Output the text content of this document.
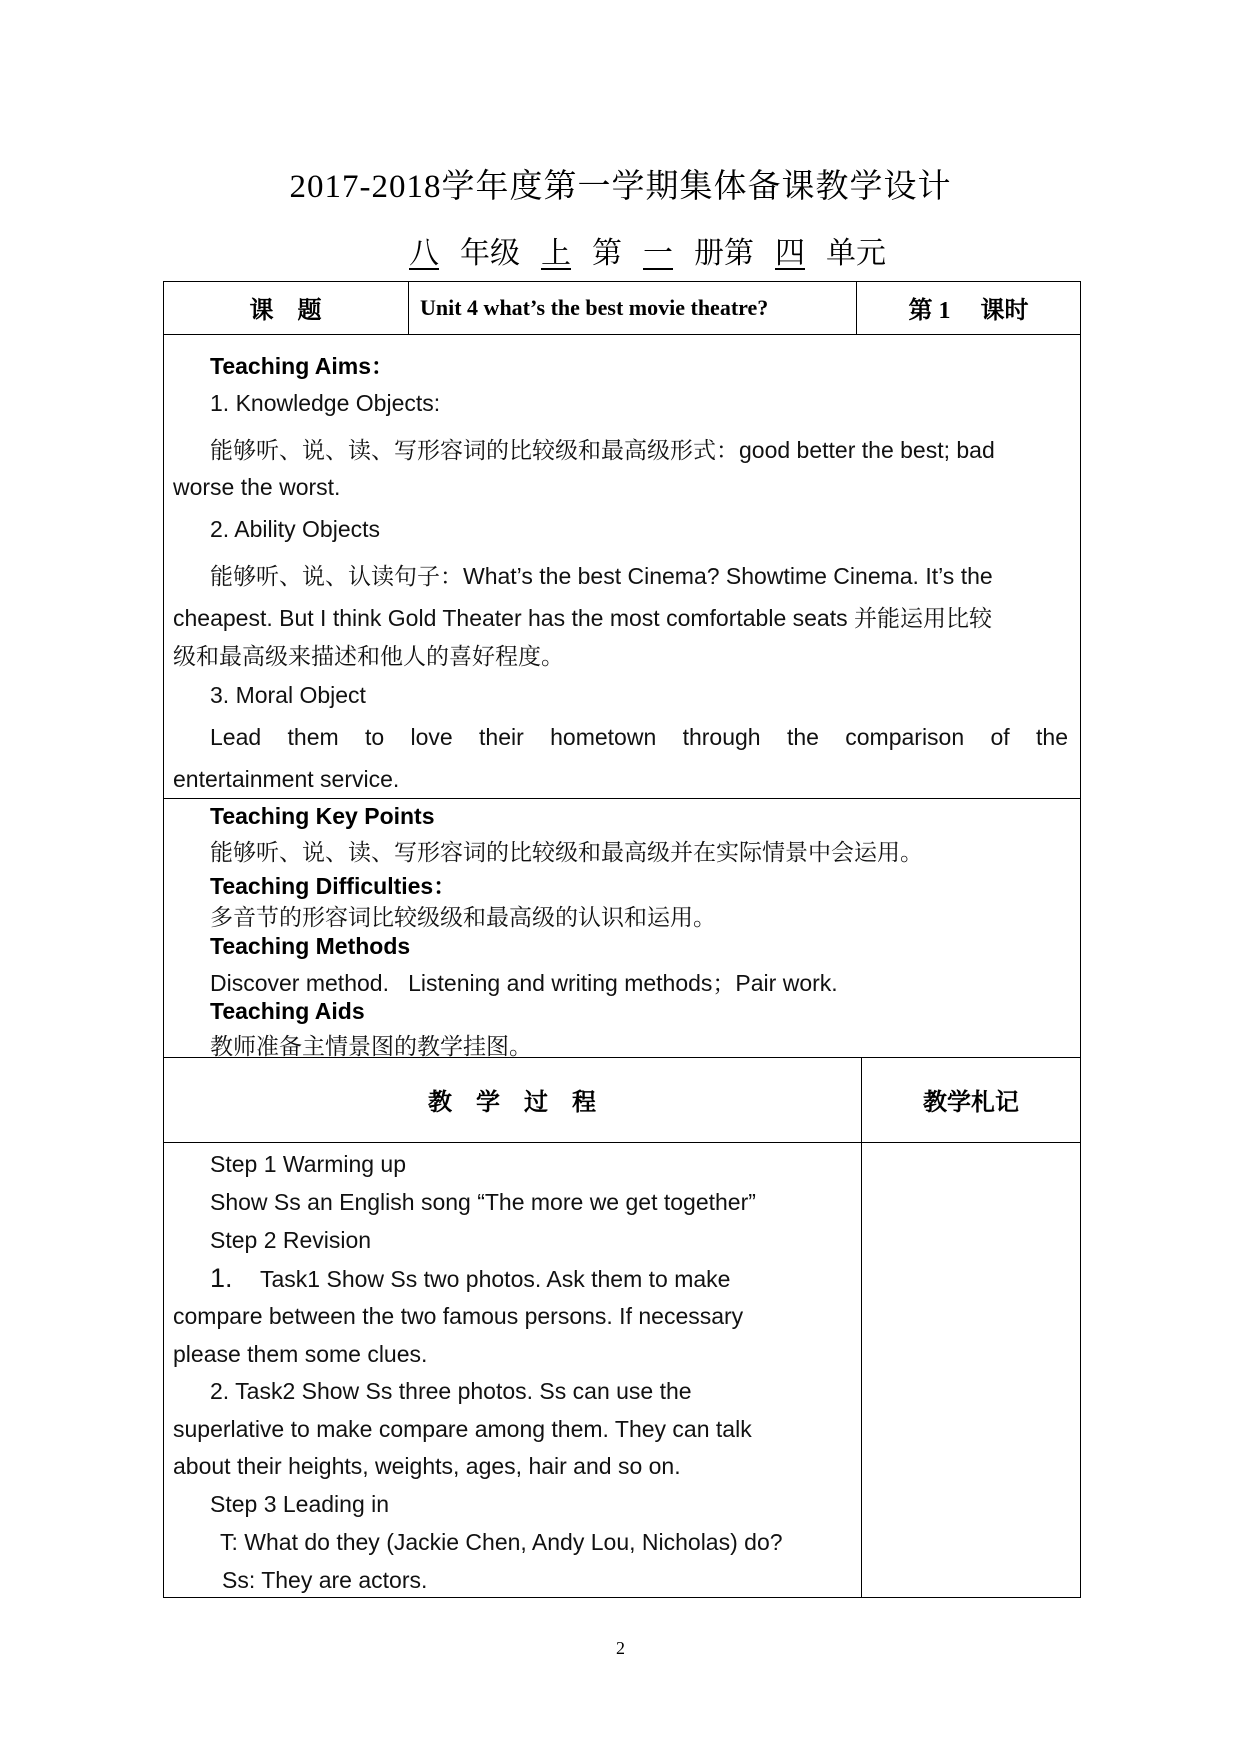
2017-2018学年度第一学期集体备课教学设计
八 年级 上 第 一 册第 四 单元
课　题	Unit 4 what’s the best movie theatre?	第 1　 课时
Teaching Aims：
1. Knowledge Objects:
能够听、说、读、写形容词的比较级和最高级形式：good better the best; bad
worse the worst.
2. Ability Objects
能够听、说、认读句子：What’s the best Cinema? Showtime Cinema. It’s the
cheapest. But I think Gold Theater has the most comfortable seats 并能运用比较
级和最高级来描述和他人的喜好程度。
3. Moral Object
Lead them to love their hometown through the comparison of the
entertainment service.
Teaching Key Points
能够听、说、读、写形容词的比较级和最高级并在实际情景中会运用。
Teaching Difficulties：
多音节的形容词比较级级和最高级的认识和运用。
Teaching Methods
Discover method.   Listening and writing methods；Pair work.
Teaching Aids
教师准备主情景图的教学挂图。
教　学　过　程	教学札记
Step 1 Warming up
Show Ss an English song “The more we get together”
Step 2 Revision
1. Task1 Show Ss two photos. Ask them to make
compare between the two famous persons. If necessary
please them some clues.
2. Task2 Show Ss three photos. Ss can use the
superlative to make compare among them. They can talk
about their heights, weights, ages, hair and so on.
Step 3 Leading in
T: What do they (Jackie Chen, Andy Lou, Nicholas) do?
Ss: They are actors.
2
